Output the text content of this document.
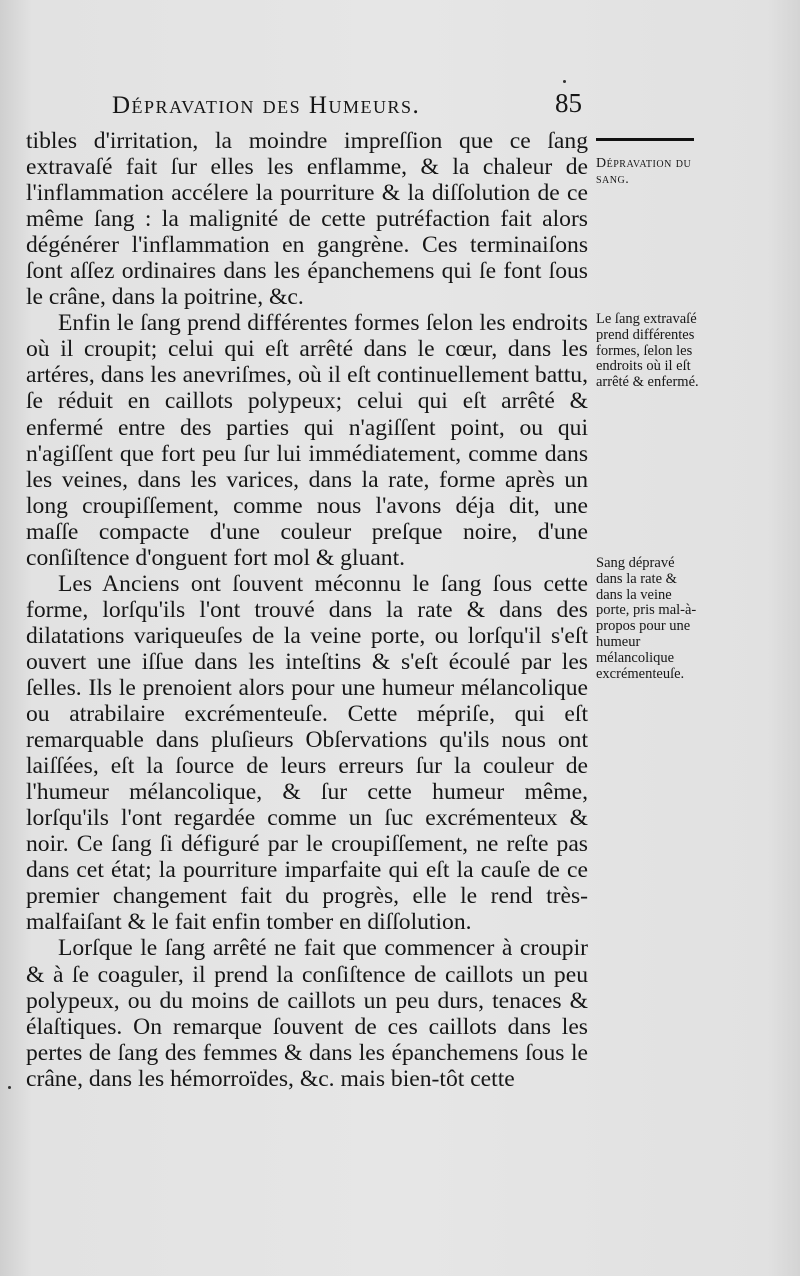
Dépravation des Humeurs.	85

tibles d'irritation, la moindre impreſſion que ce ſang extravaſé fait ſur elles les enflamme, & la chaleur de l'inflammation accélere la pourriture & la diſſolution de ce même ſang : la malignité de cette putréfaction fait alors dégénérer l'inflammation en gangrène. Ces terminaiſons ſont aſſez ordinaires dans les épanchemens qui ſe font ſous le crâne, dans la poitrine, &c.

Enfin le ſang prend différentes formes ſelon les endroits où il croupit; celui qui eſt arrêté dans le cœur, dans les artéres, dans les anevriſmes, où il eſt continuellement battu, ſe réduit en caillots polypeux; celui qui eſt arrêté & enfermé entre des parties qui n'agiſſent point, ou qui n'agiſſent que fort peu ſur lui immédiatement, comme dans les veines, dans les varices, dans la rate, forme après un long croupiſſement, comme nous l'avons déja dit, une maſſe compacte d'une couleur preſque noire, d'une conſiſtence d'onguent fort mol & gluant.

Les Anciens ont ſouvent méconnu le ſang ſous cette forme, lorſqu'ils l'ont trouvé dans la rate & dans des dilatations variqueuſes de la veine porte, ou lorſqu'il s'eſt ouvert une iſſue dans les inteſtins & s'eſt écoulé par les ſelles. Ils le prenoient alors pour une humeur mélancolique ou atrabilaire excrémenteuſe. Cette mépriſe, qui eſt remarquable dans pluſieurs Obſervations qu'ils nous ont laiſſées, eſt la ſource de leurs erreurs ſur la couleur de l'humeur mélancolique, & ſur cette humeur même, lorſqu'ils l'ont regardée comme un ſuc excrémenteux & noir. Ce ſang ſi défiguré par le croupiſſement, ne reſte pas dans cet état; la pourriture imparfaite qui eſt la cauſe de ce premier changement fait du progrès, elle le rend très-malfaiſant & le fait enfin tomber en diſſolution.

Lorſque le ſang arrêté ne fait que commencer à croupir & à ſe coaguler, il prend la conſiſtence de caillots un peu polypeux, ou du moins de caillots un peu durs, tenaces & élaſtiques. On remarque ſouvent de ces caillots dans les pertes de ſang des femmes & dans les épanchemens ſous le crâne, dans les hémorroïdes, &c. mais bien-tôt cette

Dépravation du ſang.
Le ſang extravaſé prend différentes formes, ſelon les endroits où il eſt arrêté & enfermé.
Sang dépravé dans la rate & dans la veine porte, pris mal-à-propos pour une humeur mélancolique excrémenteuſe.
